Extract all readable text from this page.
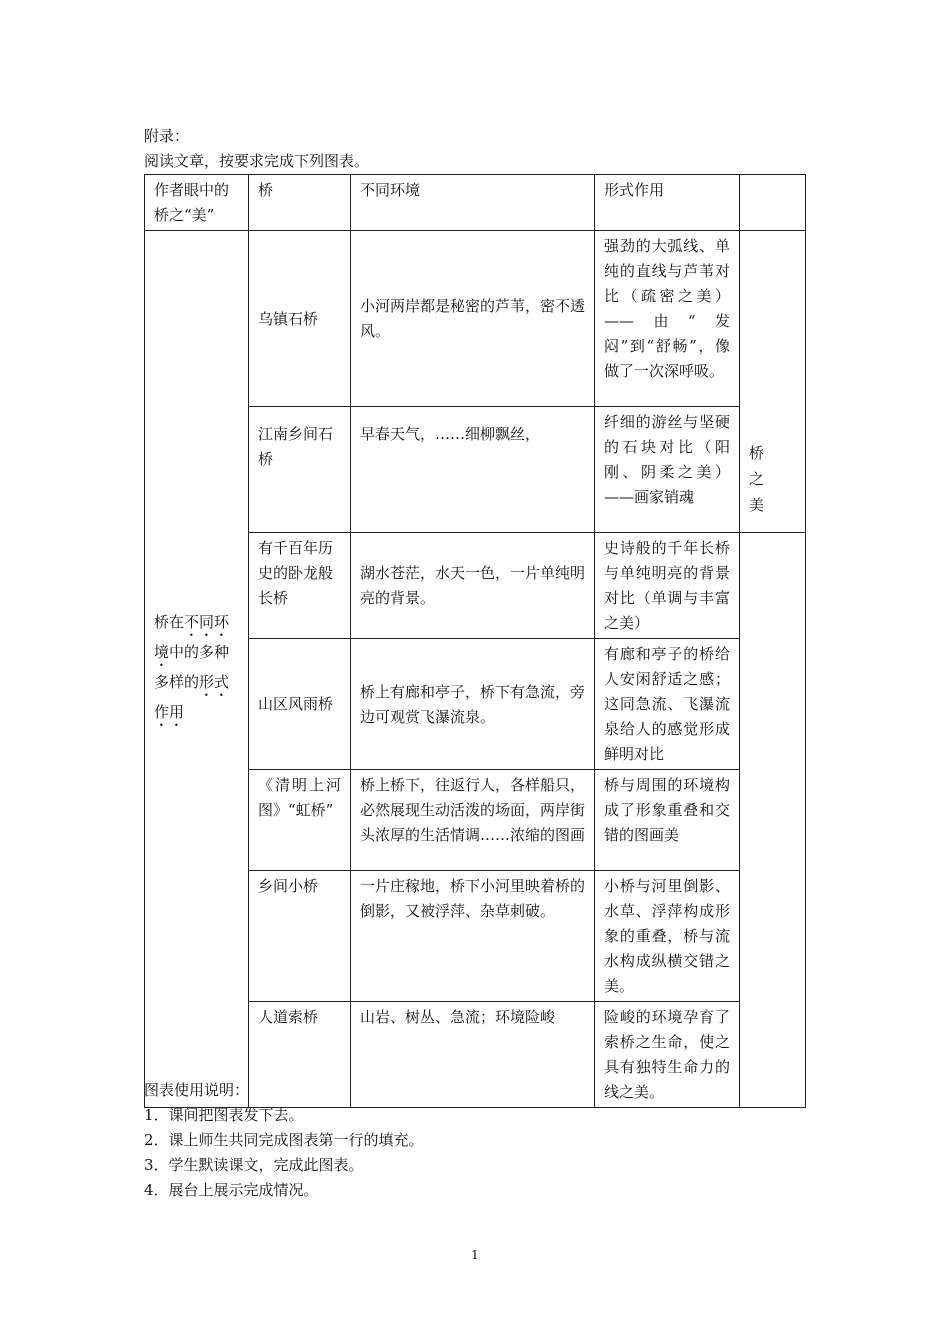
附录：
阅读文章，按要求完成下列图表。
作者眼中的桥之“美”	桥	不同环境	形式作用	
桥在不同环境中的多种多样的形式作用	乌镇石桥	小河两岸都是秘密的芦苇，密不透风。	强劲的大弧线、单纯的直线与芦苇对比（疏密之美）——由“发闷”到“舒畅”，像做了一次深呼吸。	桥之美

	江南乡间石桥	早春天气，……细柳飘丝，	纤细的游丝与坚硬的石块对比（阳刚、阴柔之美）——画家销魂	
	有千百年历史的卧龙般长桥	湖水苍茫，水天一色，一片单纯明亮的背景。	史诗般的千年长桥与单纯明亮的背景对比（单调与丰富之美）	
	山区风雨桥	桥上有廊和亭子，桥下有急流，旁边可观赏飞瀑流泉。	有廊和亭子的桥给人安闲舒适之感；这同急流、飞瀑流泉给人的感觉形成鲜明对比	
	《清明上河图》“虹桥”	桥上桥下，往返行人，各样船只，必然展现生动活泼的场面，两岸街头浓厚的生活情调……浓缩的图画	桥与周围的环境构成了形象重叠和交错的图画美	
	乡间小桥	一片庄稼地，桥下小河里映着桥的倒影，又被浮萍、杂草刺破。	小桥与河里倒影、水草、浮萍构成形象的重叠，桥与流水构成纵横交错之美。	
	人道索桥	山岩、树丛、急流；环境险峻	险峻的环境孕育了索桥之生命，使之具有独特生命力的线之美。	
图表使用说明：
1．课间把图表发下去。
2．课上师生共同完成图表第一行的填充。
3．学生默读课文，完成此图表。
4．展台上展示完成情况。
1
